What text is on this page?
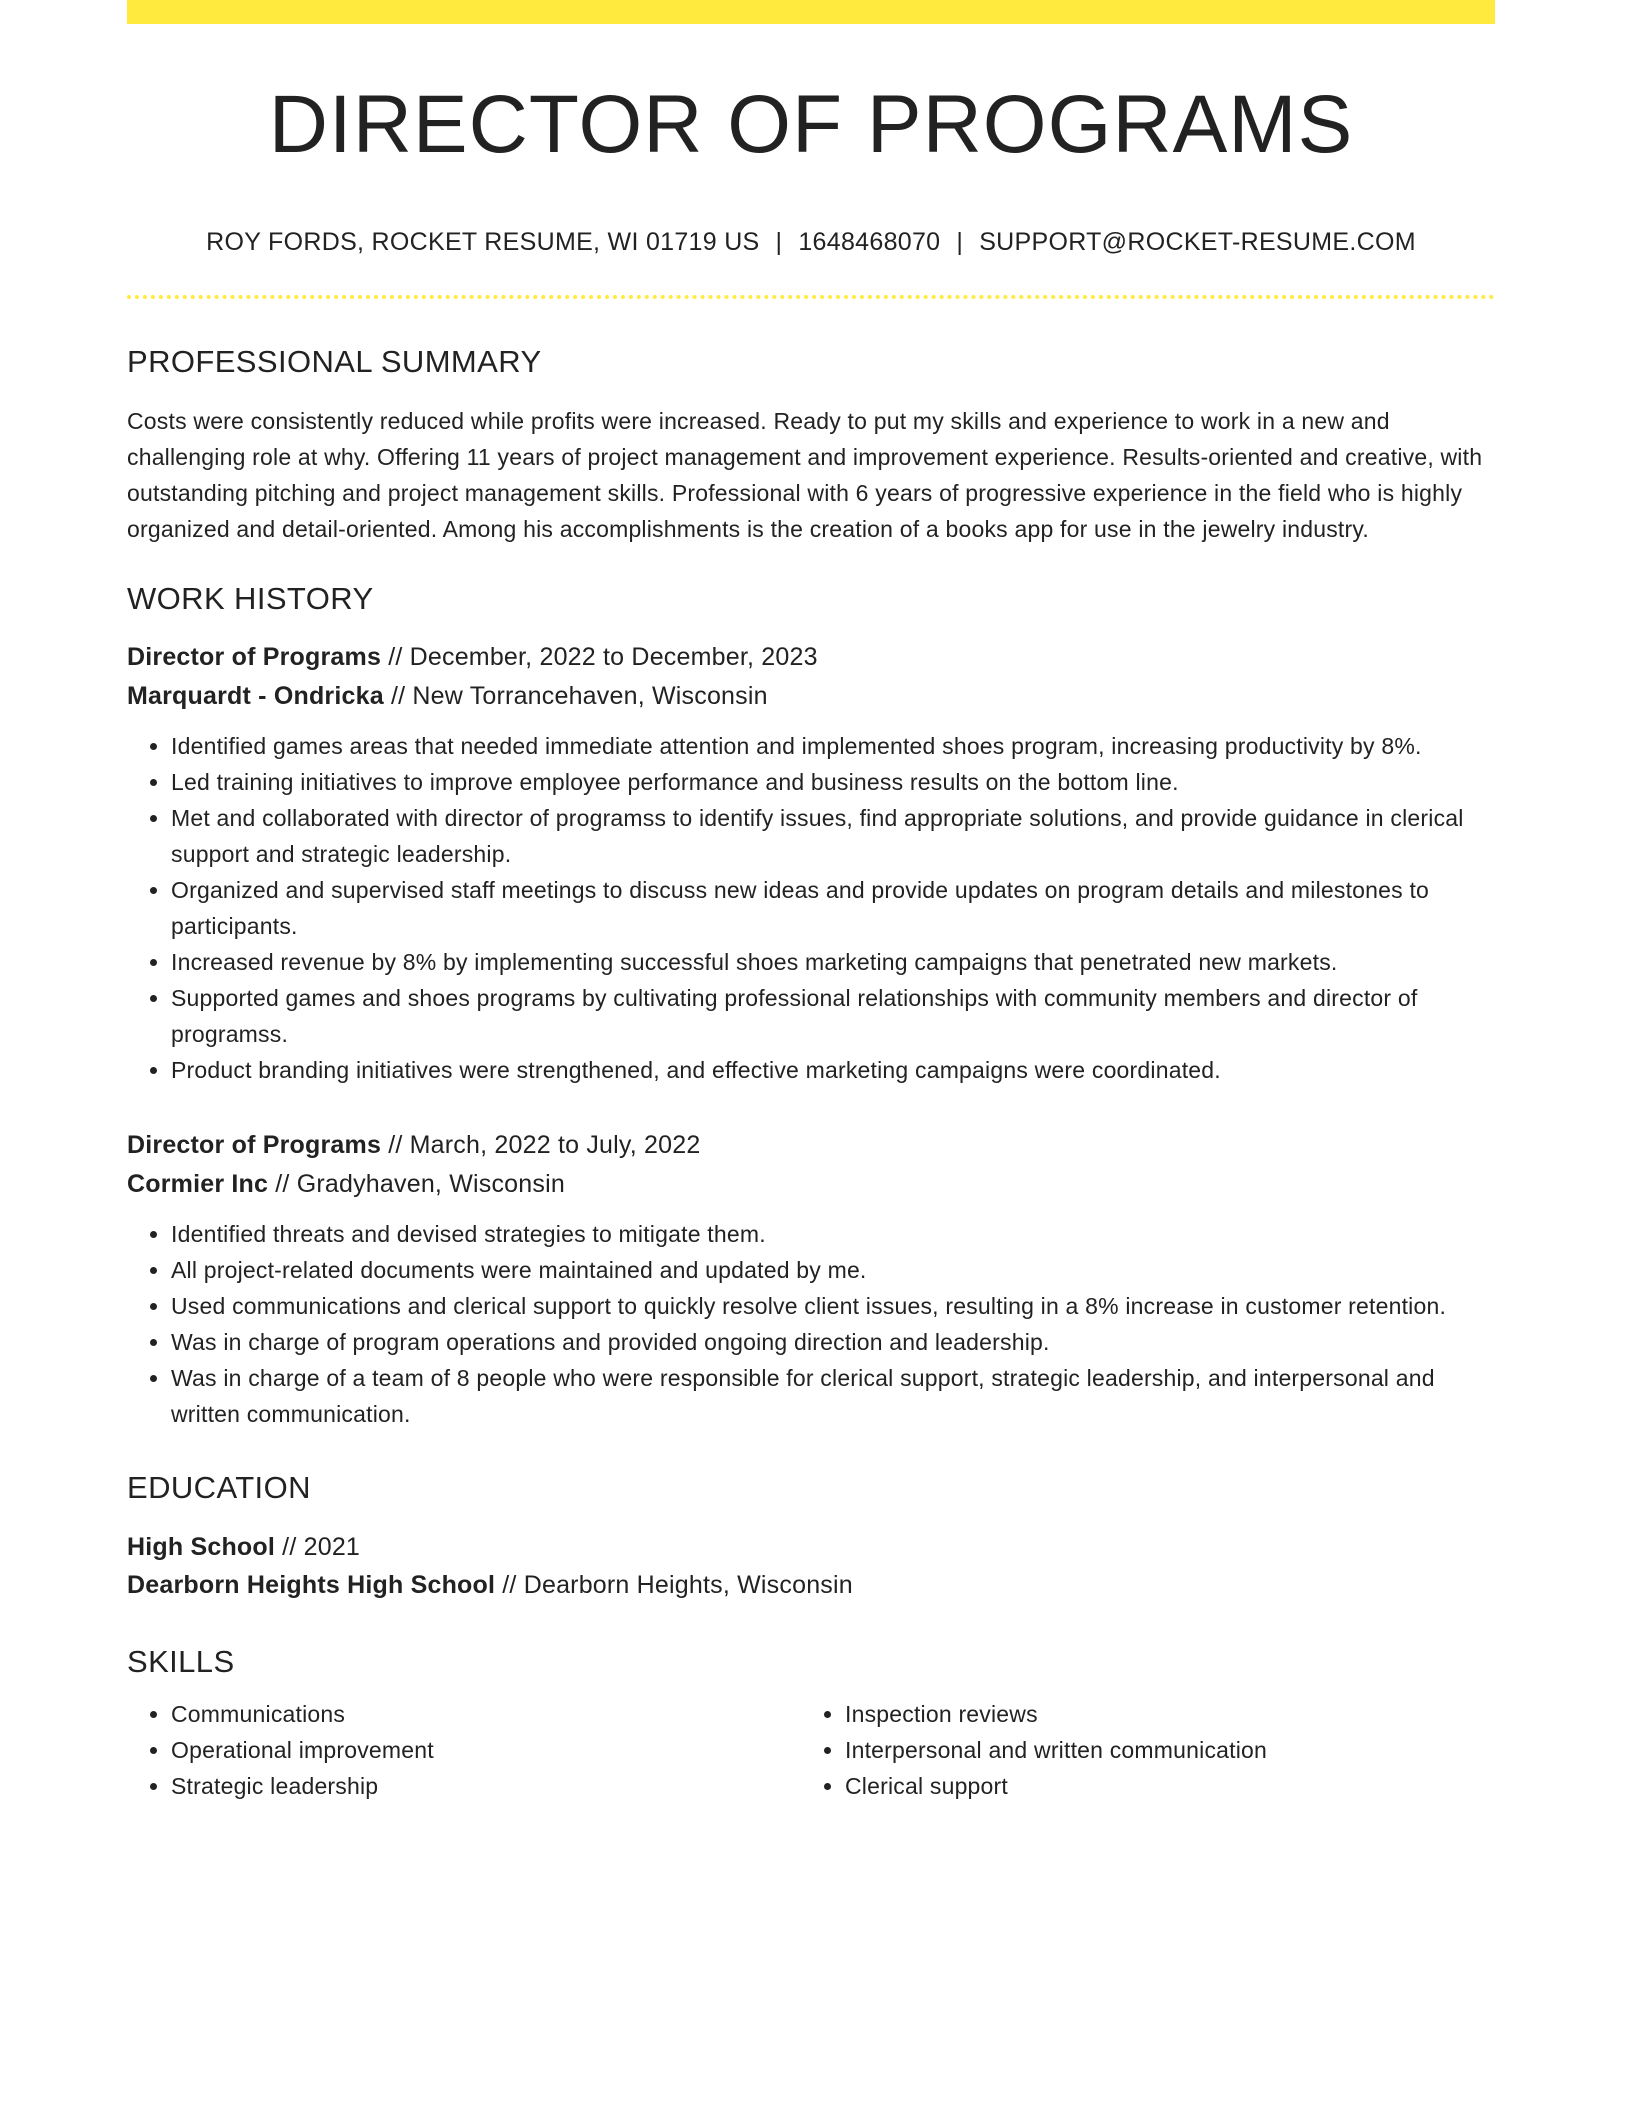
DIRECTOR OF PROGRAMS
ROY FORDS, ROCKET RESUME, WI 01719 US | 1648468070 | SUPPORT@ROCKET-RESUME.COM
PROFESSIONAL SUMMARY
Costs were consistently reduced while profits were increased. Ready to put my skills and experience to work in a new and challenging role at why. Offering 11 years of project management and improvement experience. Results-oriented and creative, with outstanding pitching and project management skills. Professional with 6 years of progressive experience in the field who is highly organized and detail-oriented. Among his accomplishments is the creation of a books app for use in the jewelry industry.
WORK HISTORY
Director of Programs // December, 2022 to December, 2023
Marquardt - Ondricka // New Torrancehaven, Wisconsin
• Identified games areas that needed immediate attention and implemented shoes program, increasing productivity by 8%.
• Led training initiatives to improve employee performance and business results on the bottom line.
• Met and collaborated with director of programss to identify issues, find appropriate solutions, and provide guidance in clerical support and strategic leadership.
• Organized and supervised staff meetings to discuss new ideas and provide updates on program details and milestones to participants.
• Increased revenue by 8% by implementing successful shoes marketing campaigns that penetrated new markets.
• Supported games and shoes programs by cultivating professional relationships with community members and director of programss.
• Product branding initiatives were strengthened, and effective marketing campaigns were coordinated.
Director of Programs // March, 2022 to July, 2022
Cormier Inc // Gradyhaven, Wisconsin
• Identified threats and devised strategies to mitigate them.
• All project-related documents were maintained and updated by me.
• Used communications and clerical support to quickly resolve client issues, resulting in a 8% increase in customer retention.
• Was in charge of program operations and provided ongoing direction and leadership.
• Was in charge of a team of 8 people who were responsible for clerical support, strategic leadership, and interpersonal and written communication.
EDUCATION
High School // 2021
Dearborn Heights High School // Dearborn Heights, Wisconsin
SKILLS
• Communications
• Operational improvement
• Strategic leadership
• Inspection reviews
• Interpersonal and written communication
• Clerical support
